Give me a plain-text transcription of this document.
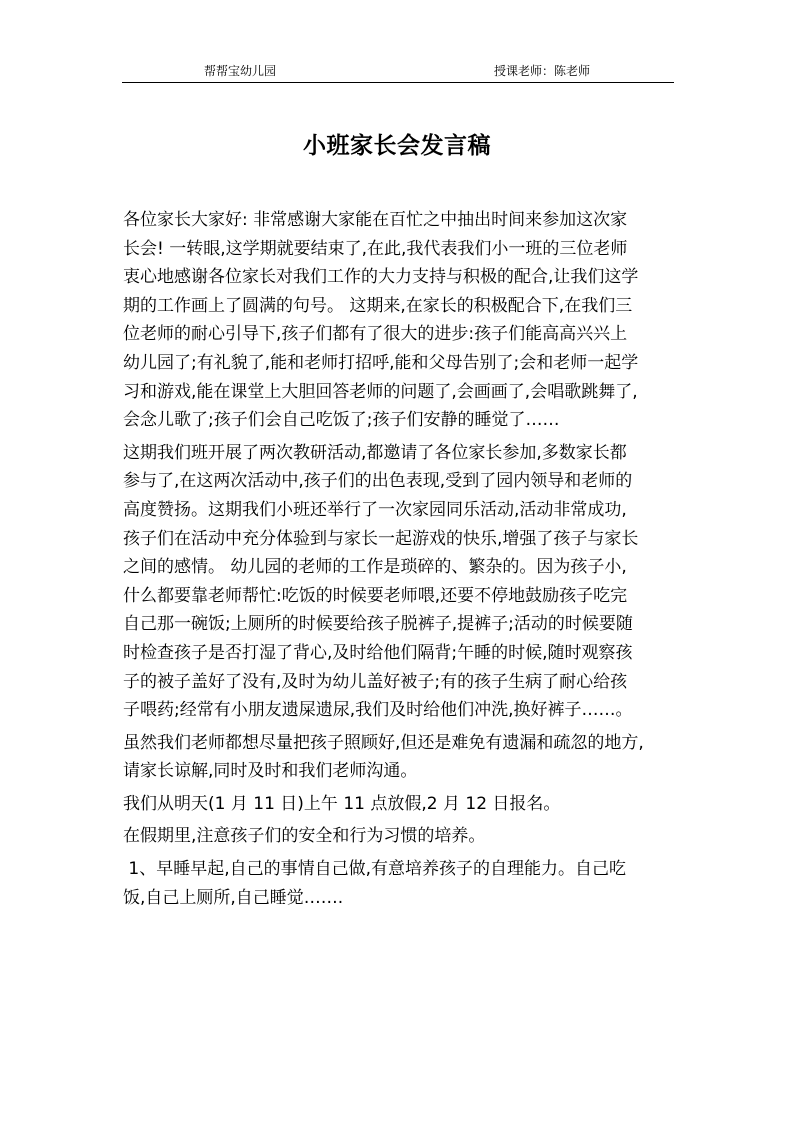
帮帮宝幼儿园	授课老师：陈老师
小班家长会发言稿
各位家长大家好: 非常感谢大家能在百忙之中抽出时间来参加这次家
长会! 一转眼,这学期就要结束了,在此,我代表我们小一班的三位老师
衷心地感谢各位家长对我们工作的大力支持与积极的配合,让我们这学
期的工作画上了圆满的句号。 这期来,在家长的积极配合下,在我们三
位老师的耐心引导下,孩子们都有了很大的进步:孩子们能高高兴兴上
幼儿园了;有礼貌了,能和老师打招呼,能和父母告别了;会和老师一起学
习和游戏,能在课堂上大胆回答老师的问题了,会画画了,会唱歌跳舞了,
会念儿歌了;孩子们会自己吃饭了;孩子们安静的睡觉了……
这期我们班开展了两次教研活动,都邀请了各位家长参加,多数家长都
参与了,在这两次活动中,孩子们的出色表现,受到了园内领导和老师的
高度赞扬。这期我们小班还举行了一次家园同乐活动,活动非常成功,
孩子们在活动中充分体验到与家长一起游戏的快乐,增强了孩子与家长
之间的感情。 幼儿园的老师的工作是琐碎的、繁杂的。因为孩子小,
什么都要靠老师帮忙:吃饭的时候要老师喂,还要不停地鼓励孩子吃完
自己那一碗饭;上厕所的时候要给孩子脱裤子,提裤子;活动的时候要随
时检查孩子是否打湿了背心,及时给他们隔背;午睡的时候,随时观察孩
子的被子盖好了没有,及时为幼儿盖好被子;有的孩子生病了耐心给孩
子喂药;经常有小朋友遗屎遗尿,我们及时给他们冲洗,换好裤子……。
虽然我们老师都想尽量把孩子照顾好,但还是难免有遗漏和疏忽的地方,
请家长谅解,同时及时和我们老师沟通。
我们从明天(1 月 11 日)上午 11 点放假,2 月 12 日报名。
在假期里,注意孩子们的安全和行为习惯的培养。
1、早睡早起,自己的事情自己做,有意培养孩子的自理能力。自己吃
饭,自己上厕所,自己睡觉…….
